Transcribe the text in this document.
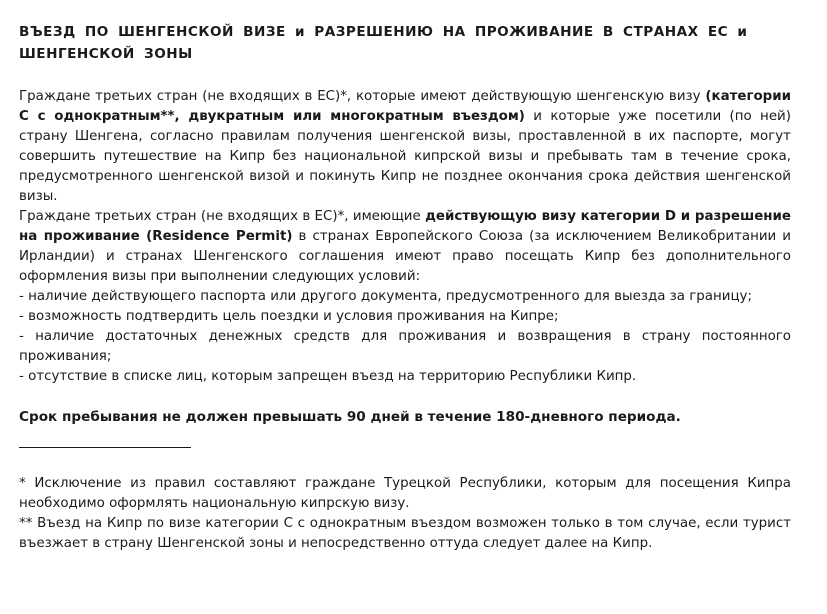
ВЪЕЗД ПО ШЕНГЕНСКОЙ ВИЗЕ и РАЗРЕШЕНИЮ НА ПРОЖИВАНИЕ В СТРАНАХ ЕС и ШЕНГЕНСКОЙ ЗОНЫ

Граждане третьих стран (не входящих в ЕС)*, которые имеют действующую шенгенскую визу (категории С с однократным**, двукратным или многократным въездом) и которые уже посетили (по ней) страну Шенгена, согласно правилам получения шенгенской визы, проставленной в их паспорте, могут совершить путешествие на Кипр без национальной кипрской визы и пребывать там в течение срока, предусмотренного шенгенской визой и покинуть Кипр не позднее окончания срока действия шенгенской визы.

Граждане третьих стран (не входящих в ЕС)*, имеющие действующую визу категории D и разрешение на проживание (Residence Permit) в странах Европейского Союза (за исключением Великобритании и Ирландии) и странах Шенгенского соглашения имеют право посещать Кипр без дополнительного оформления визы при выполнении следующих условий:

- наличие действующего паспорта или другого документа, предусмотренного для выезда за границу;

- возможность подтвердить цель поездки и условия проживания на Кипре;

- наличие достаточных денежных средств для проживания и возвращения в страну постоянного проживания;

- отсутствие в списке лиц, которым запрещен въезд на территорию Республики Кипр.

Срок пребывания не должен превышать 90 дней в течение 180-дневного периода.

* Исключение из правил составляют граждане Турецкой Республики, которым для посещения Кипра необходимо оформлять национальную кипрскую визу.

** Въезд на Кипр по визе категории С с однократным въездом возможен только в том случае, если турист въезжает в страну Шенгенской зоны и непосредственно оттуда следует далее на Кипр.
